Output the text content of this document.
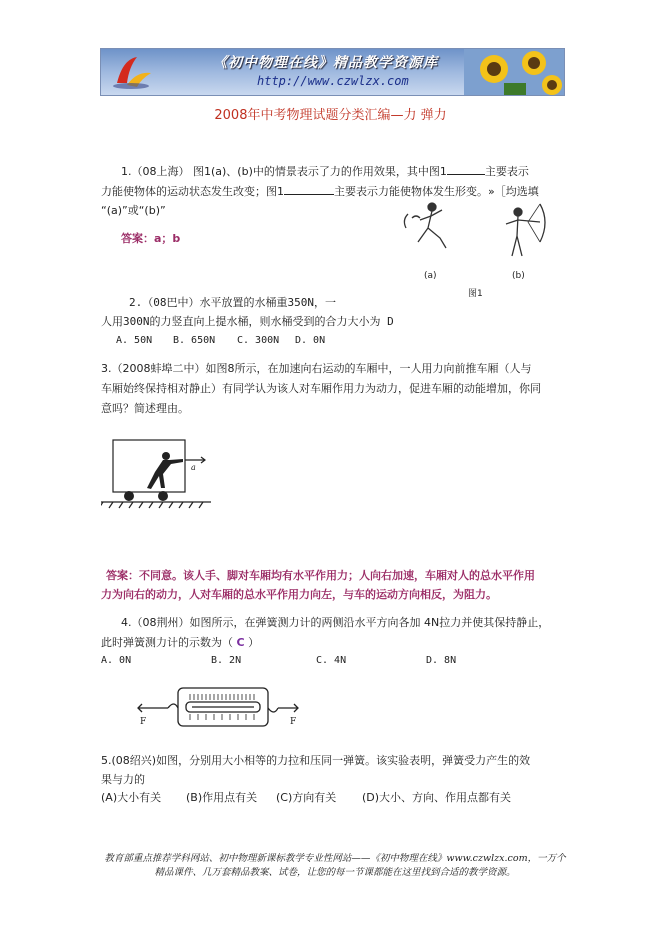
《初中物理在线》精品教学资源库
http://www.czwlzx.com
2008年中考物理试题分类汇编—力 弹力
1.（08上海） 图1(a)、(b)中的情景表示了力的作用效果，其中图1	主要表示
力能使物体的运动状态发生改变；图1	主要表示力能使物体发生形变。»［均选填
“(a)”或“(b)”
答案：a；b
(a)	(b)
图1
2.（08巴中）水平放置的水桶重350N，一
人用300N的力竖直向上提水桶，则水桶受到的合力大小为 D
A. 50N B. 650N C. 300N D. 0N
3.（2008蚌埠二中）如图8所示，在加速向右运动的车厢中，一人用力向前推车厢（人与
车厢始终保持相对静止）有同学认为该人对车厢作用力为动力，促进车厢的动能增加，你同
意吗？简述理由。
a
答案：不同意。该人手、脚对车厢均有水平作用力；人向右加速，车厢对人的总水平作用
力为向右的动力，人对车厢的总水平作用力向左，与车的运动方向相反，为阻力。
4.（08荆州）如图所示，在弹簧测力计的两侧沿水平方向各加 4N拉力并使其保持静止，
此时弹簧测力计的示数为（ C ）
A. 0N	B. 2N	C. 4N	D. 8N
F	F
5.(08绍兴)如图，分别用大小相等的力拉和压同一弹簧。该实验表明，弹簧受力产生的效
果与力的
(A)大小有关 (B)作用点有关 (C)方向有关 (D)大小、方向、作用点都有关
教育部重点推荐学科网站、初中物理新课标教学专业性网站——《初中物理在线》www.czwlzx.com，一万个
精品课件、几万套精品教案、试卷，让您的每一节课都能在这里找到合适的教学资源。
